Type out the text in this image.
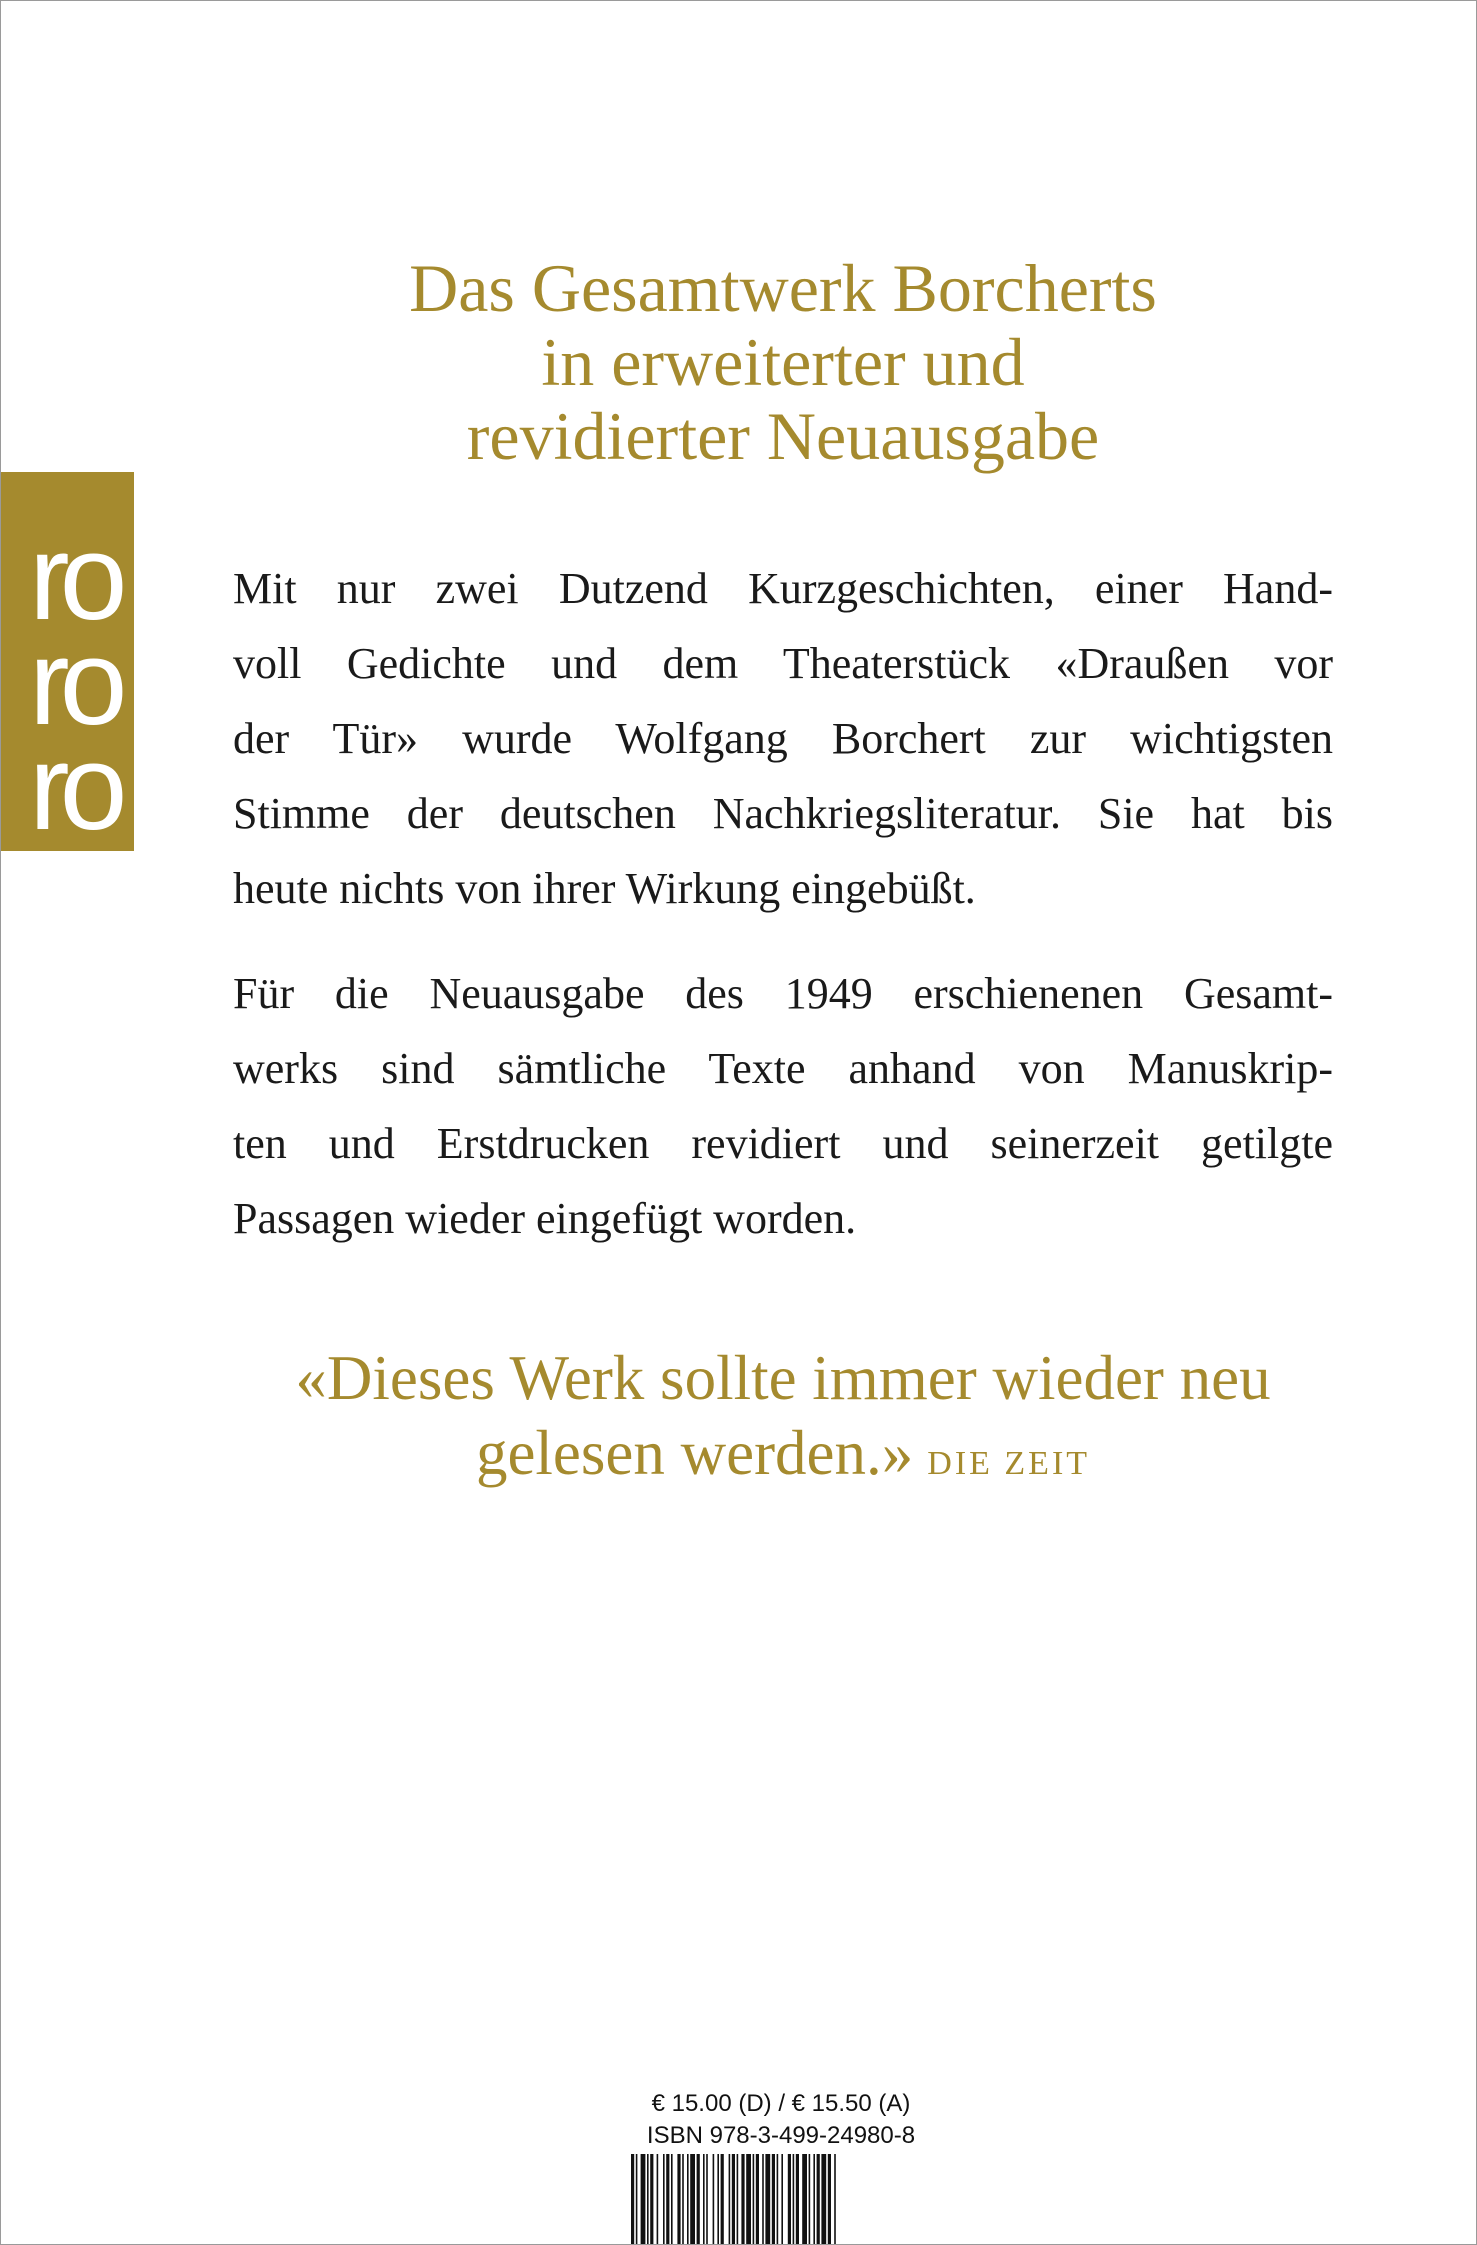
ro
ro
ro
Das Gesamtwerk Borcherts
in erweiterter und
revidierter Neuausgabe
Mit nur zwei Dutzend Kurzgeschichten, einer Hand-
voll Gedichte und dem Theaterstück «Draußen vor
der Tür» wurde Wolfgang Borchert zur wichtigsten
Stimme der deutschen Nachkriegsliteratur. Sie hat bis
heute nichts von ihrer Wirkung eingebüßt.
Für die Neuausgabe des 1949 erschienenen Gesamt-
werks sind sämtliche Texte anhand von Manuskrip-
ten und Erstdrucken revidiert und seinerzeit getilgte
Passagen wieder eingefügt worden.
«Dieses Werk sollte immer wieder neu
gelesen werden.» DIE ZEIT
€ 15.00 (D) / € 15.50 (A)
ISBN 978-3-499-24980-8
